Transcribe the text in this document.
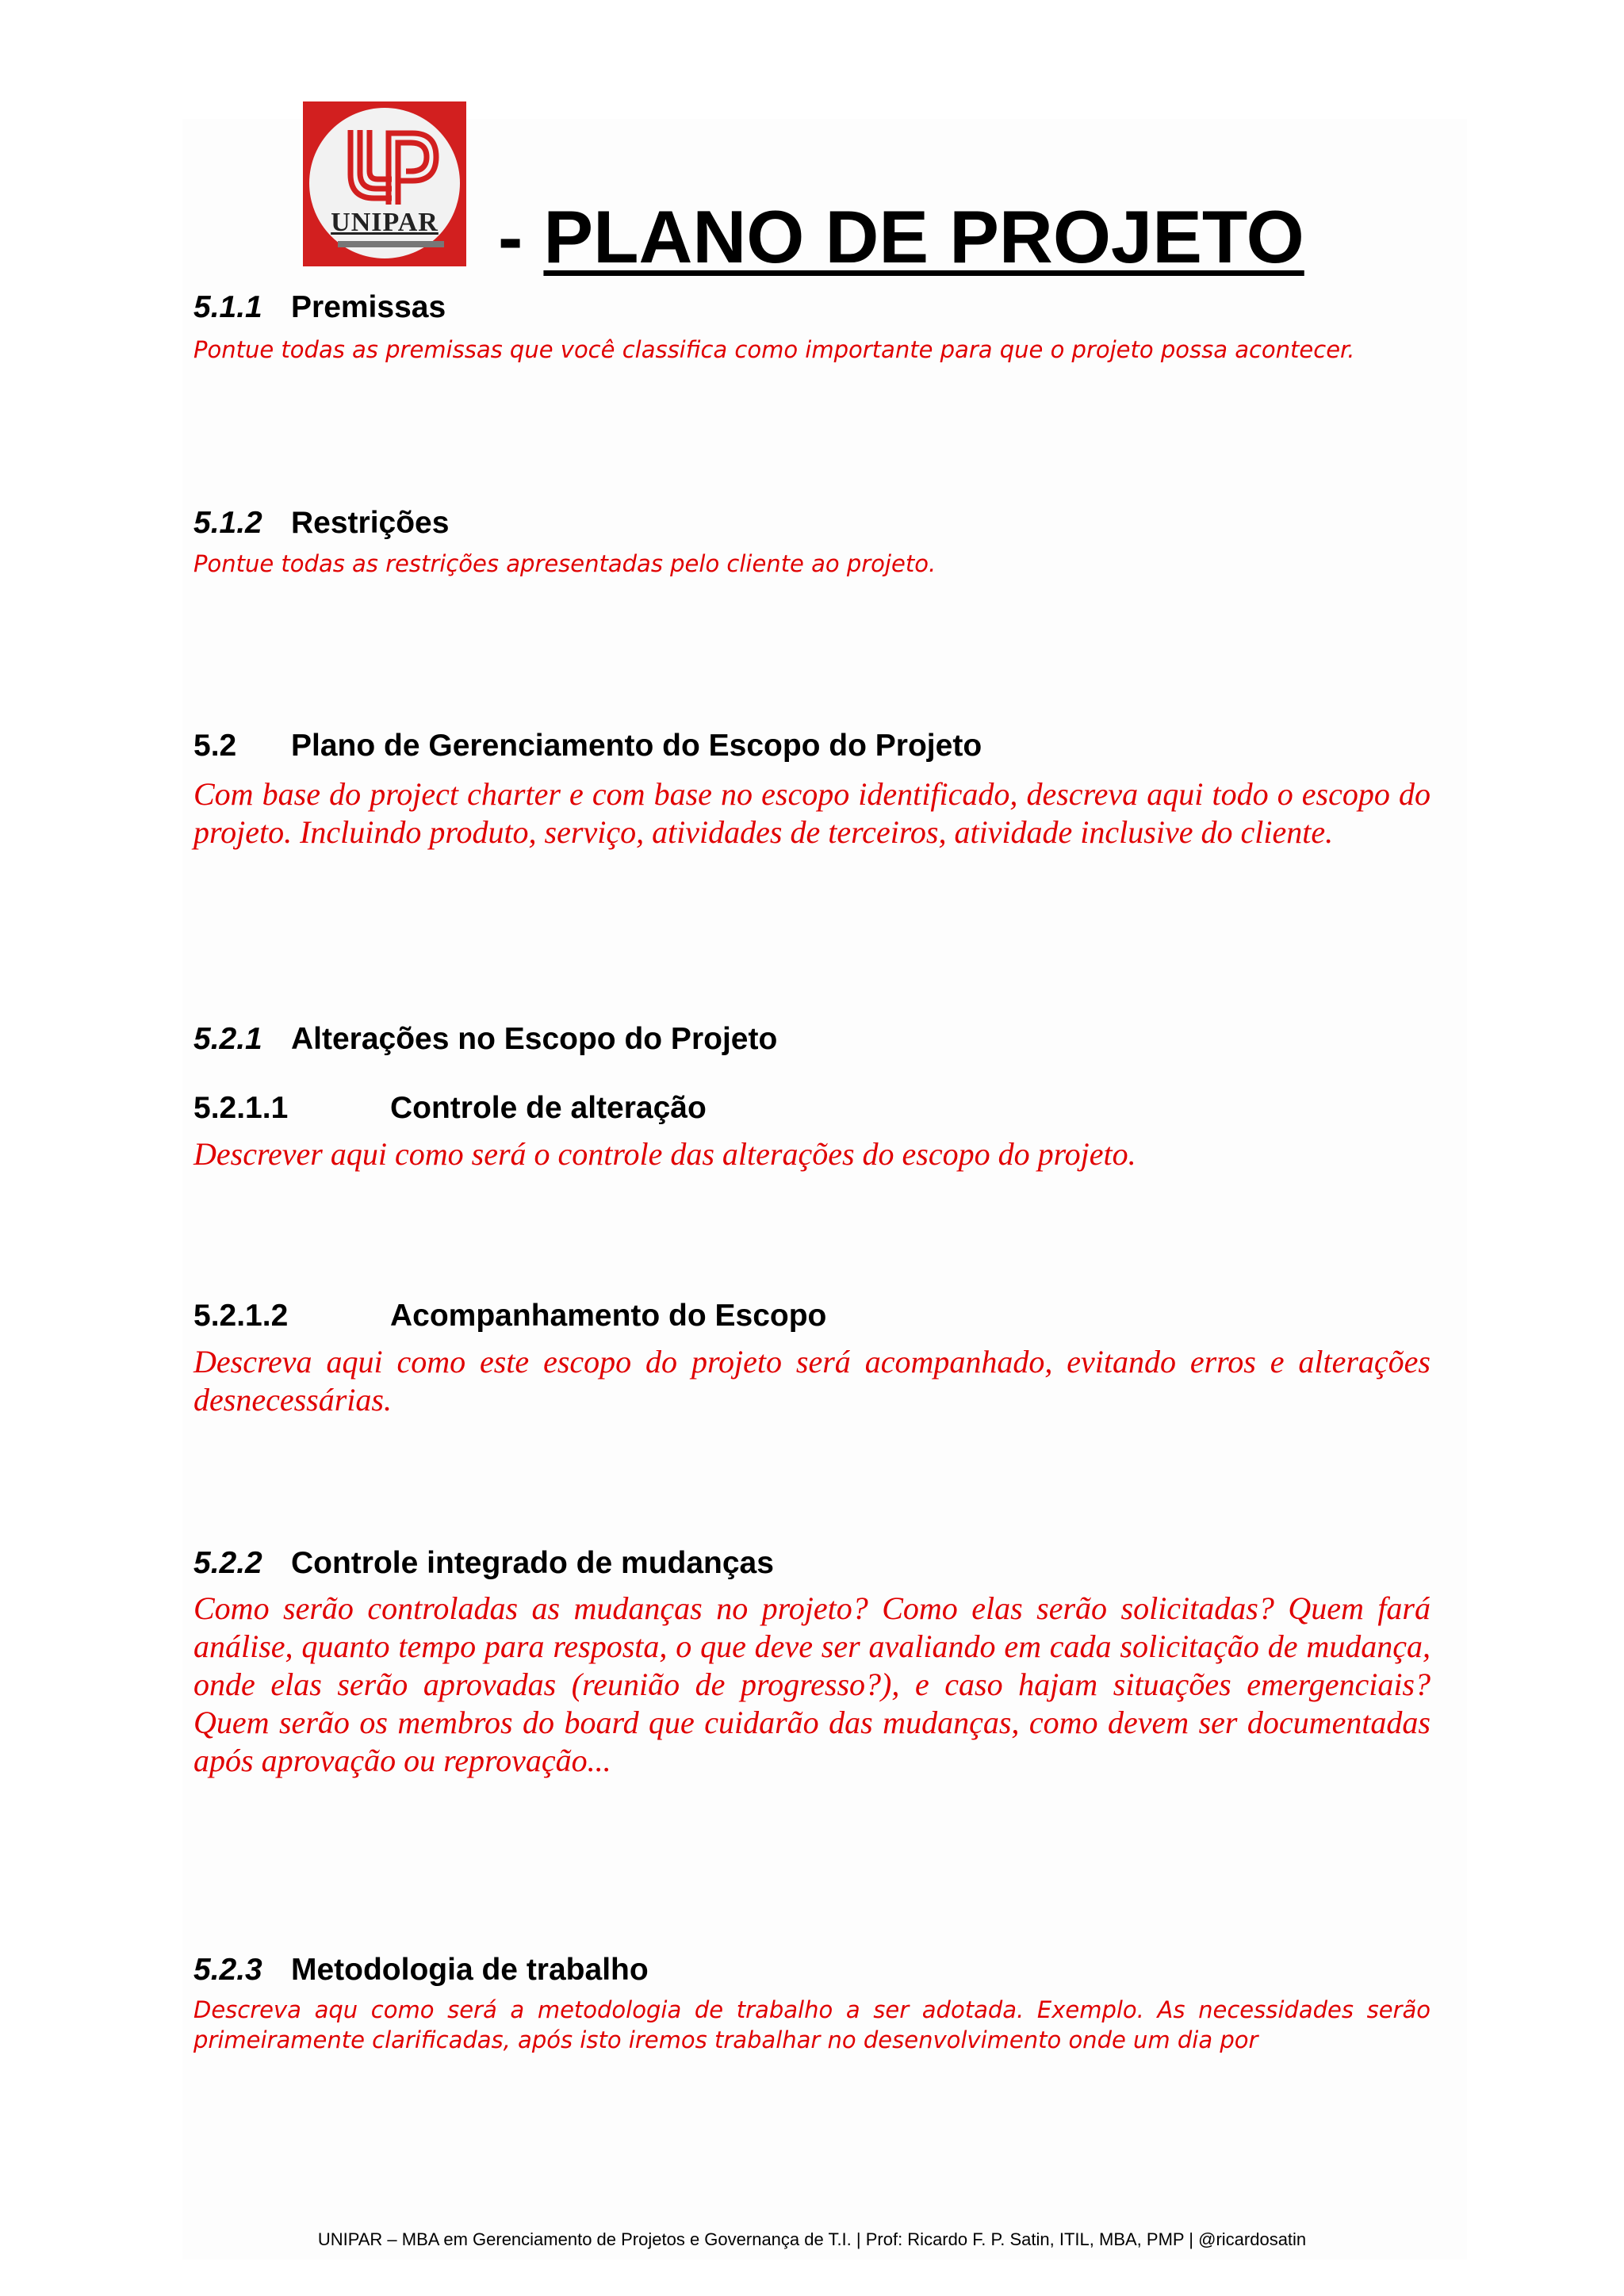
UNIPAR - PLANO DE PROJETO
5.1.1 Premissas

Pontue todas as premissas que você classifica como importante para que o projeto possa acontecer.

5.1.2 Restrições

Pontue todas as restrições apresentadas pelo cliente ao projeto.

5.2 Plano de Gerenciamento do Escopo do Projeto

Com base do project charter e com base no escopo identificado, descreva aqui todo o escopo do projeto. Incluindo produto, serviço, atividades de terceiros, atividade inclusive do cliente.

5.2.1 Alterações no Escopo do Projeto
5.2.1.1	Controle de alteração

Descrever aqui como será o controle das alterações do escopo do projeto.

5.2.1.2	Acompanhamento do Escopo

Descreva aqui como este escopo do projeto será acompanhado, evitando erros e alterações desnecessárias.

5.2.2 Controle integrado de mudanças

Como serão controladas as mudanças no projeto? Como elas serão solicitadas? Quem fará análise, quanto tempo para resposta, o que deve ser avaliando em cada solicitação de mudança, onde elas serão aprovadas (reunião de progresso?), e caso hajam situações emergenciais? Quem serão os membros do board que cuidarão das mudanças, como devem ser documentadas após aprovação ou reprovação...

5.2.3 Metodologia de trabalho

Descreva aqu como será a metodologia de trabalho a ser adotada. Exemplo. As necessidades serão primeiramente clarificadas, após isto iremos trabalhar no desenvolvimento onde um dia por

UNIPAR – MBA em Gerenciamento de Projetos e Governança de T.I. | Prof: Ricardo F. P. Satin, ITIL, MBA, PMP | @ricardosatin
